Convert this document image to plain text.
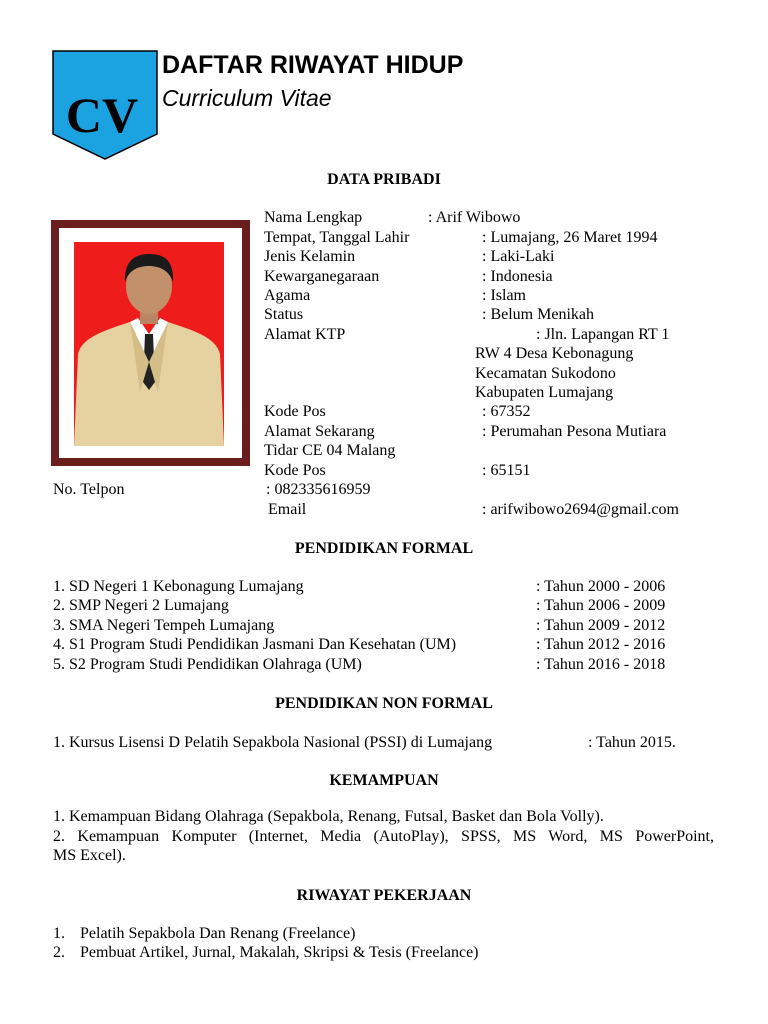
CV
DAFTAR RIWAYAT HIDUP
Curriculum Vitae
DATA PRIBADI
Nama Lengkap	: Arif Wibowo
Tempat, Tanggal Lahir	: Lumajang, 26 Maret 1994
Jenis Kelamin	: Laki-Laki
Kewarganegaraan	: Indonesia
Agama	: Islam
Status	: Belum Menikah
Alamat KTP	: Jln. Lapangan RT 1
RW 4 Desa Kebonagung
Kecamatan Sukodono
Kabupaten Lumajang
Kode Pos	: 67352
Alamat Sekarang	: Perumahan Pesona Mutiara
Tidar CE 04 Malang
Kode Pos	: 65151
No. Telpon	: 082335616959
Email	: arifwibowo2694@gmail.com
PENDIDIKAN FORMAL
1. SD Negeri 1 Kebonagung Lumajang	: Tahun 2000 - 2006
2. SMP Negeri 2 Lumajang	: Tahun 2006 - 2009
3. SMA Negeri Tempeh Lumajang	: Tahun 2009 - 2012
4. S1 Program Studi Pendidikan Jasmani Dan Kesehatan (UM)	: Tahun 2012 - 2016
5. S2 Program Studi Pendidikan Olahraga (UM)	: Tahun 2016 - 2018
PENDIDIKAN NON FORMAL
1. Kursus Lisensi D Pelatih Sepakbola Nasional (PSSI) di Lumajang	: Tahun 2015.
KEMAMPUAN
1. Kemampuan Bidang Olahraga (Sepakbola, Renang, Futsal, Basket dan Bola Volly).
2. Kemampuan Komputer (Internet, Media (AutoPlay), SPSS, MS Word, MS PowerPoint,
MS Excel).
RIWAYAT PEKERJAAN
1. Pelatih Sepakbola Dan Renang (Freelance)
2. Pembuat Artikel, Jurnal, Makalah, Skripsi & Tesis (Freelance)
